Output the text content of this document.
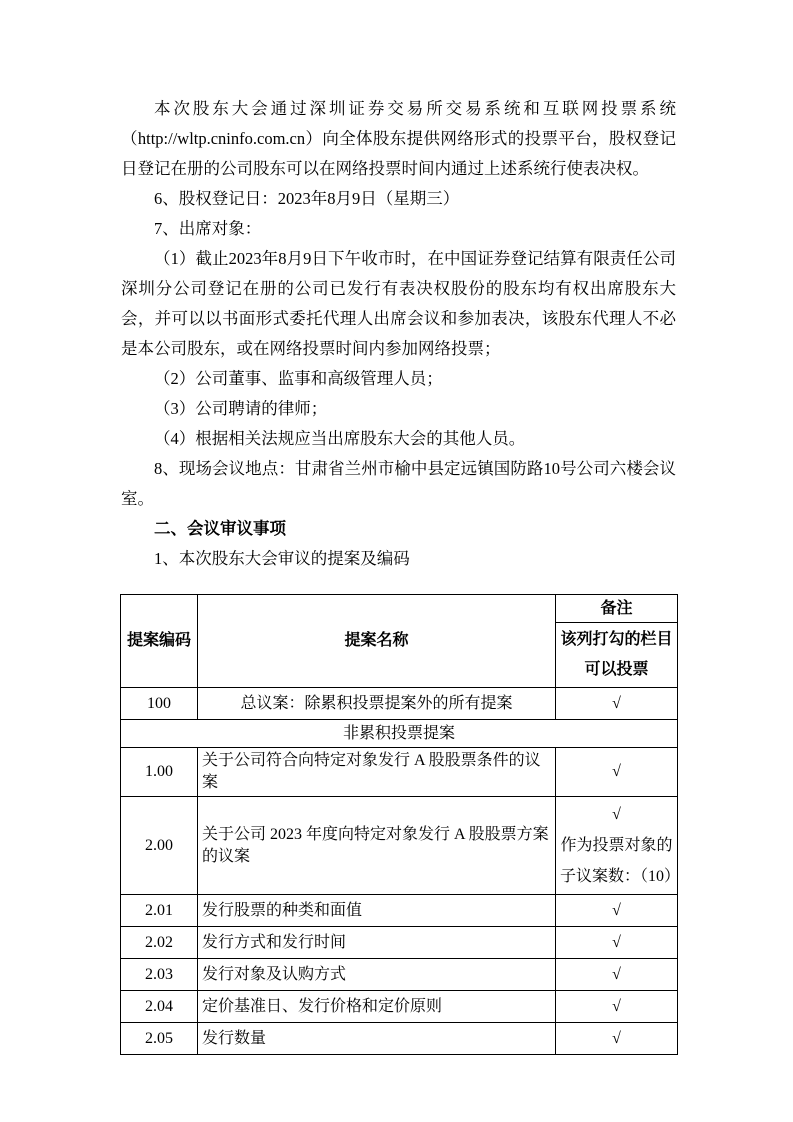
本次股东大会通过深圳证券交易所交易系统和互联网投票系统（http://wltp.cninfo.com.cn）向全体股东提供网络形式的投票平台，股权登记日登记在册的公司股东可以在网络投票时间内通过上述系统行使表决权。

6、股权登记日：2023年8月9日（星期三）

7、出席对象：

（1）截止2023年8月9日下午收市时，在中国证券登记结算有限责任公司深圳分公司登记在册的公司已发行有表决权股份的股东均有权出席股东大会，并可以以书面形式委托代理人出席会议和参加表决，该股东代理人不必是本公司股东，或在网络投票时间内参加网络投票；

（2）公司董事、监事和高级管理人员；

（3）公司聘请的律师；

（4）根据相关法规应当出席股东大会的其他人员。

8、现场会议地点：甘肃省兰州市榆中县定远镇国防路10号公司六楼会议室。

二、会议审议事项

1、本次股东大会审议的提案及编码

提案编码	提案名称	备注

		该列打勾的栏目
可以投票

100	总议案：除累积投票提案外的所有提案	√
非累积投票提案		
1.00	关于公司符合向特定对象发行 A 股股票条件的议案	√
2.00	关于公司 2023 年度向特定对象发行 A 股股票方案的议案	√
作为投票对象的
子议案数：（10）

2.01	发行股票的种类和面值	√
2.02	发行方式和发行时间	√
2.03	发行对象及认购方式	√
2.04	定价基准日、发行价格和定价原则	√
2.05	发行数量	√
